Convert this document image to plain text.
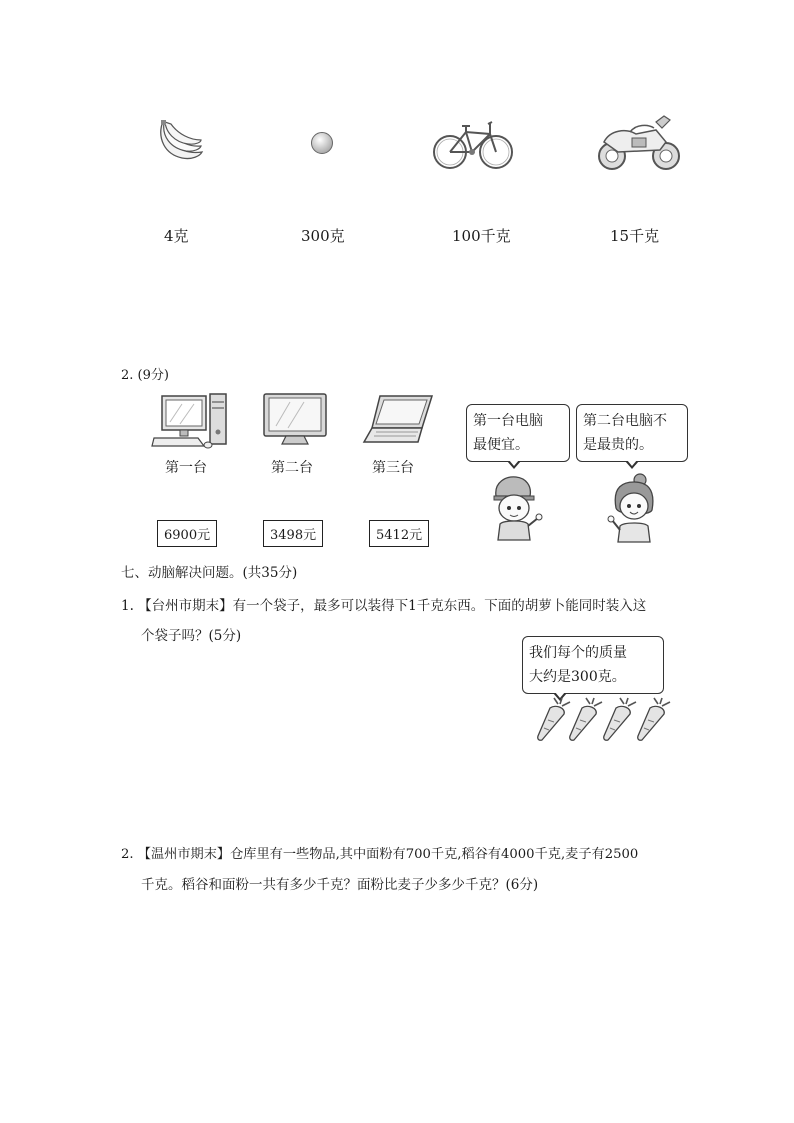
4克	300克	100千克	15千克
2. (9分)
第一台	第二台	第三台
6900元	3498元	5412元
第一台电脑
最便宜。
第二台电脑不
是最贵的。
七、动脑解决问题。(共35分)
1. 【台州市期末】有一个袋子，最多可以装得下1千克东西。下面的胡萝卜能同时装入这
个袋子吗？(5分)
我们每个的质量
大约是300克。
2. 【温州市期末】仓库里有一些物品,其中面粉有700千克,稻谷有4000千克,麦子有2500
千克。稻谷和面粉一共有多少千克？面粉比麦子少多少千克？(6分)
